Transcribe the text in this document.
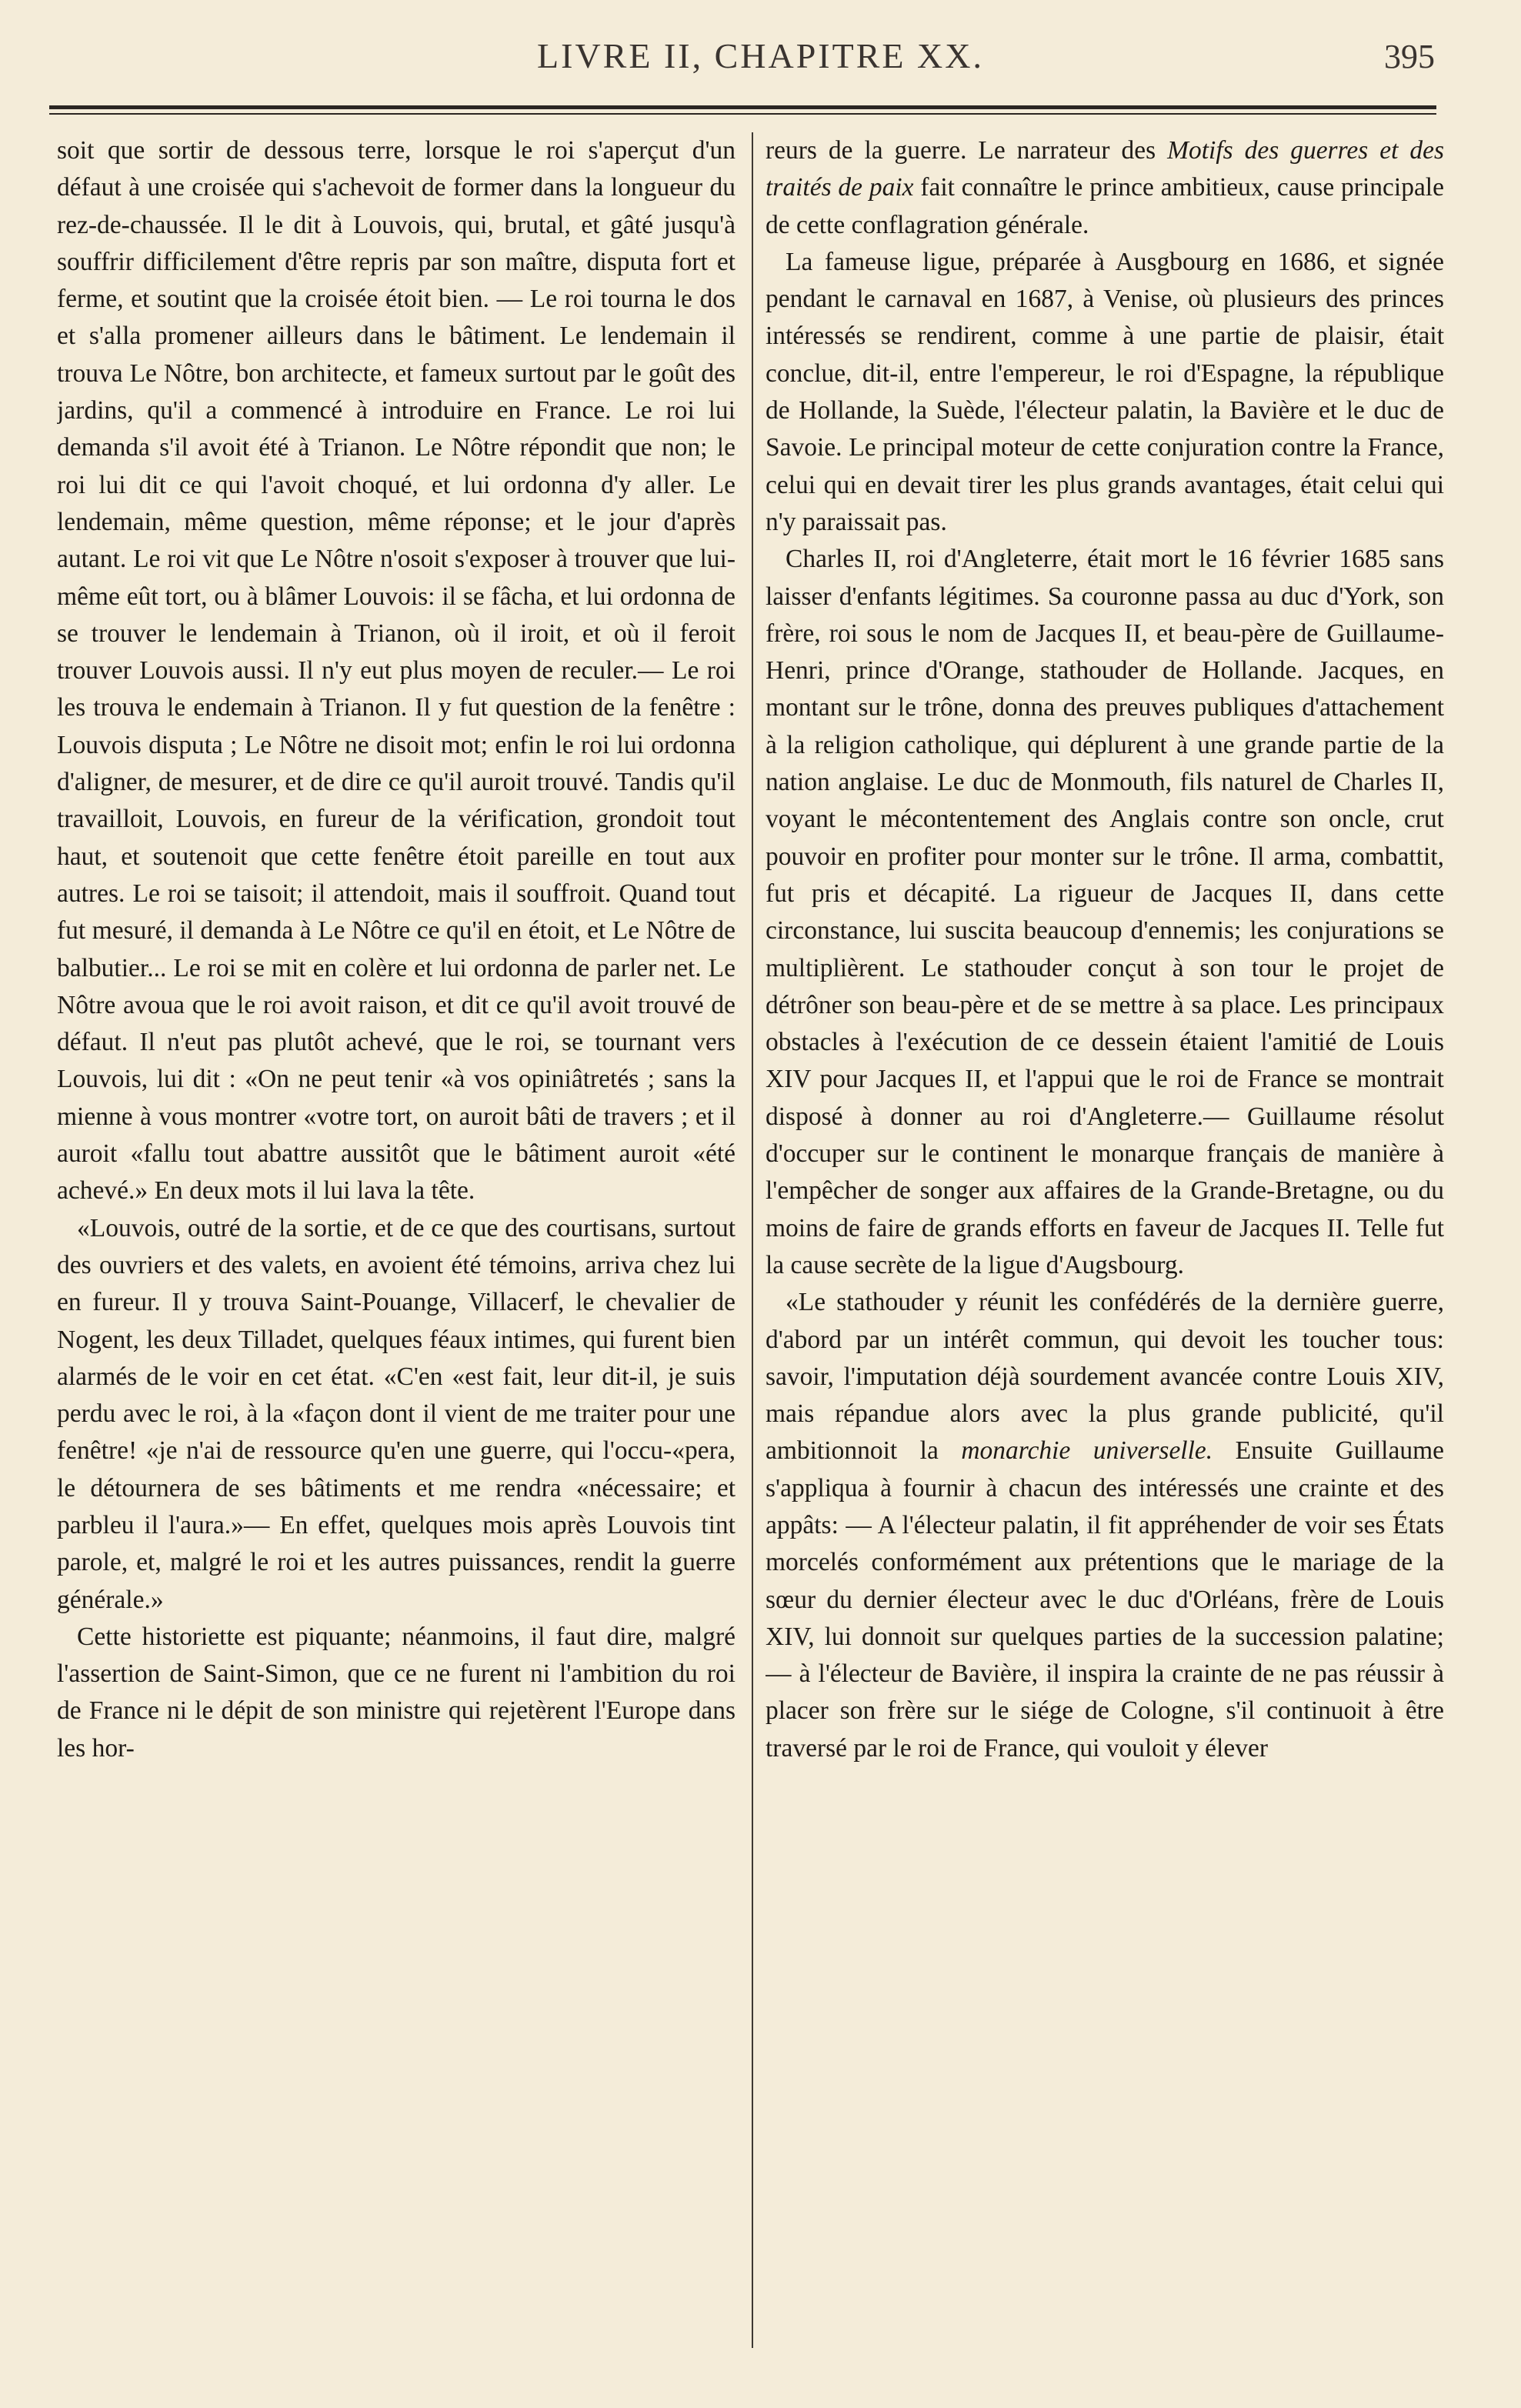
LIVRE II, CHAPITRE XX.	395

soit que sortir de dessous terre, lorsque le roi s'aperçut d'un défaut à une croisée qui s'achevoit de former dans la longueur du rez-de-chaussée. Il le dit à Louvois, qui, brutal, et gâté jusqu'à souffrir difficilement d'être repris par son maître, disputa fort et ferme, et soutint que la croisée étoit bien. — Le roi tourna le dos et s'alla promener ailleurs dans le bâtiment. Le lendemain il trouva Le Nôtre, bon architecte, et fameux surtout par le goût des jardins, qu'il a commencé à introduire en France. Le roi lui demanda s'il avoit été à Trianon. Le Nôtre répondit que non; le roi lui dit ce qui l'avoit choqué, et lui ordonna d'y aller. Le lendemain, même question, même réponse; et le jour d'après autant. Le roi vit que Le Nôtre n'osoit s'exposer à trouver que lui-même eût tort, ou à blâmer Louvois: il se fâcha, et lui ordonna de se trouver le lendemain à Trianon, où il iroit, et où il feroit trouver Louvois aussi. Il n'y eut plus moyen de reculer.— Le roi les trouva le endemain à Trianon. Il y fut question de la fenêtre : Louvois disputa ; Le Nôtre ne disoit mot; enfin le roi lui ordonna d'aligner, de mesurer, et de dire ce qu'il auroit trouvé. Tandis qu'il travailloit, Louvois, en fureur de la vérification, grondoit tout haut, et soutenoit que cette fenêtre étoit pareille en tout aux autres. Le roi se taisoit; il attendoit, mais il souffroit. Quand tout fut mesuré, il demanda à Le Nôtre ce qu'il en étoit, et Le Nôtre de balbutier... Le roi se mit en colère et lui ordonna de parler net. Le Nôtre avoua que le roi avoit raison, et dit ce qu'il avoit trouvé de défaut. Il n'eut pas plutôt achevé, que le roi, se tournant vers Louvois, lui dit : «On ne peut tenir «à vos opiniâtretés ; sans la mienne à vous montrer «votre tort, on auroit bâti de travers ; et il auroit «fallu tout abattre aussitôt que le bâtiment auroit «été achevé.» En deux mots il lui lava la tête.

«Louvois, outré de la sortie, et de ce que des courtisans, surtout des ouvriers et des valets, en avoient été témoins, arriva chez lui en fureur. Il y trouva Saint-Pouange, Villacerf, le chevalier de Nogent, les deux Tilladet, quelques féaux intimes, qui furent bien alarmés de le voir en cet état. «C'en «est fait, leur dit-il, je suis perdu avec le roi, à la «façon dont il vient de me traiter pour une fenêtre! «je n'ai de ressource qu'en une guerre, qui l'occu-«pera, le détournera de ses bâtiments et me rendra «nécessaire; et parbleu il l'aura.»— En effet, quelques mois après Louvois tint parole, et, malgré le roi et les autres puissances, rendit la guerre générale.»

Cette historiette est piquante; néanmoins, il faut dire, malgré l'assertion de Saint-Simon, que ce ne furent ni l'ambition du roi de France ni le dépit de son ministre qui rejetèrent l'Europe dans les hor-

reurs de la guerre. Le narrateur des Motifs des guerres et des traités de paix fait connaître le prince ambitieux, cause principale de cette conflagration générale.

La fameuse ligue, préparée à Ausgbourg en 1686, et signée pendant le carnaval en 1687, à Venise, où plusieurs des princes intéressés se rendirent, comme à une partie de plaisir, était conclue, dit-il, entre l'empereur, le roi d'Espagne, la république de Hollande, la Suède, l'électeur palatin, la Bavière et le duc de Savoie. Le principal moteur de cette conjuration contre la France, celui qui en devait tirer les plus grands avantages, était celui qui n'y paraissait pas.

Charles II, roi d'Angleterre, était mort le 16 février 1685 sans laisser d'enfants légitimes. Sa couronne passa au duc d'York, son frère, roi sous le nom de Jacques II, et beau-père de Guillaume-Henri, prince d'Orange, stathouder de Hollande. Jacques, en montant sur le trône, donna des preuves publiques d'attachement à la religion catholique, qui déplurent à une grande partie de la nation anglaise. Le duc de Monmouth, fils naturel de Charles II, voyant le mécontentement des Anglais contre son oncle, crut pouvoir en profiter pour monter sur le trône. Il arma, combattit, fut pris et décapité. La rigueur de Jacques II, dans cette circonstance, lui suscita beaucoup d'ennemis; les conjurations se multiplièrent. Le stathouder conçut à son tour le projet de détrôner son beau-père et de se mettre à sa place. Les principaux obstacles à l'exécution de ce dessein étaient l'amitié de Louis XIV pour Jacques II, et l'appui que le roi de France se montrait disposé à donner au roi d'Angleterre.— Guillaume résolut d'occuper sur le continent le monarque français de manière à l'empêcher de songer aux affaires de la Grande-Bretagne, ou du moins de faire de grands efforts en faveur de Jacques II. Telle fut la cause secrète de la ligue d'Augsbourg.

«Le stathouder y réunit les confédérés de la dernière guerre, d'abord par un intérêt commun, qui devoit les toucher tous: savoir, l'imputation déjà sourdement avancée contre Louis XIV, mais répandue alors avec la plus grande publicité, qu'il ambitionnoit la monarchie universelle. Ensuite Guillaume s'appliqua à fournir à chacun des intéressés une crainte et des appâts: — A l'électeur palatin, il fit appréhender de voir ses États morcelés conformément aux prétentions que le mariage de la sœur du dernier électeur avec le duc d'Orléans, frère de Louis XIV, lui donnoit sur quelques parties de la succession palatine; — à l'électeur de Bavière, il inspira la crainte de ne pas réussir à placer son frère sur le siége de Cologne, s'il continuoit à être traversé par le roi de France, qui vouloit y élever
